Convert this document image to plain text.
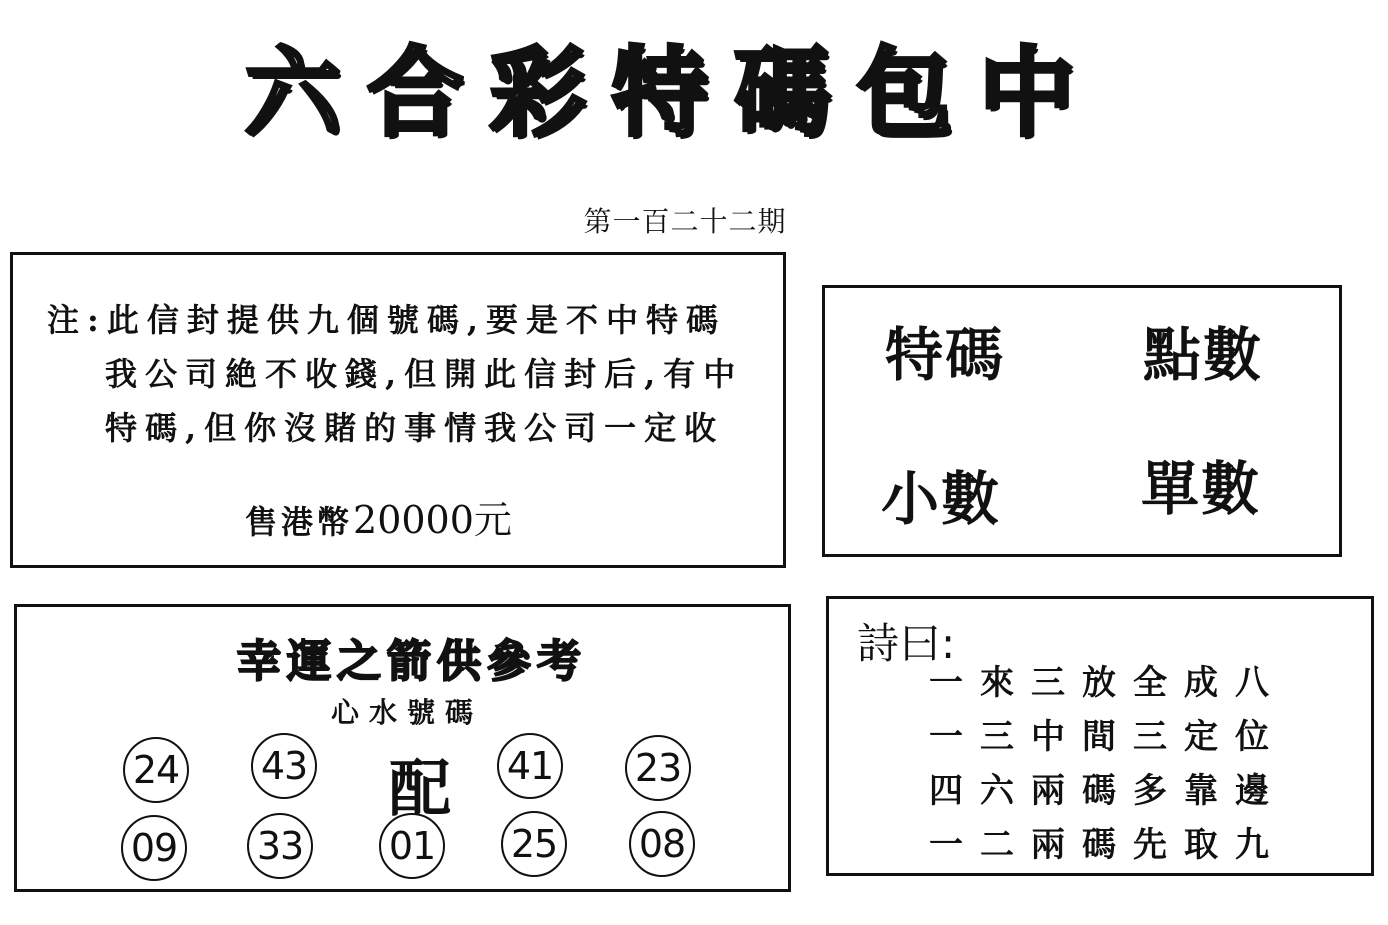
六 合 彩 特 碼 包 中
第一百二十二期
注:此信封提供九個號碼,要是不中特碼
我公司絶不收錢,但開此信封后,有中
特碼,但你沒賭的事情我公司一定收
售港幣20000元
特碼 點數
小數 單數
幸運之箭供參考
心水號碼
24 43 配	41 23
09 33 01 25 08
詩曰:
一來三放全成八
一三中間三定位
四六兩碼多靠邊
一二兩碼先取九
